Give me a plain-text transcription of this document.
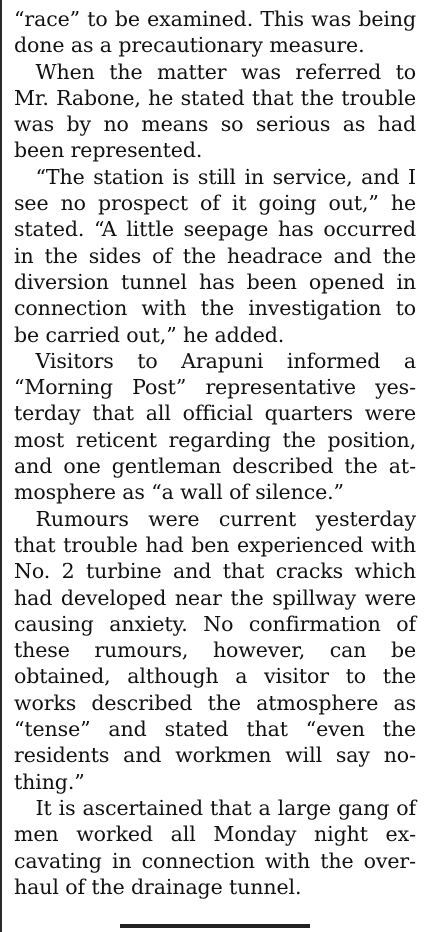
“race” to be examined. This was being done as a precautionary measure.

When the matter was referred to Mr. Rabone, he stated that the trouble was by no means so serious as had been represented.

“The station is still in service, and I see no prospect of it going out,” he stated. “A little seepage has occurred in the sides of the headrace and the diversion tunnel has been opened in connection with the investigation to be carried out,” he added.

Visitors to Arapuni informed a “Morning Post” representative yesterday that all official quarters were most reticent regarding the position, and one gentleman described the atmosphere as “a wall of silence.”

Rumours were current yesterday that trouble had ben experienced with No. 2 turbine and that cracks which had developed near the spillway were causing anxiety. No confirmation of these rumours, however, can be obtained, although a visitor to the works described the atmosphere as “tense” and stated that “even the residents and workmen will say nothing.”

It is ascertained that a large gang of men worked all Monday night excavating in connection with the overhaul of the drainage tunnel.
